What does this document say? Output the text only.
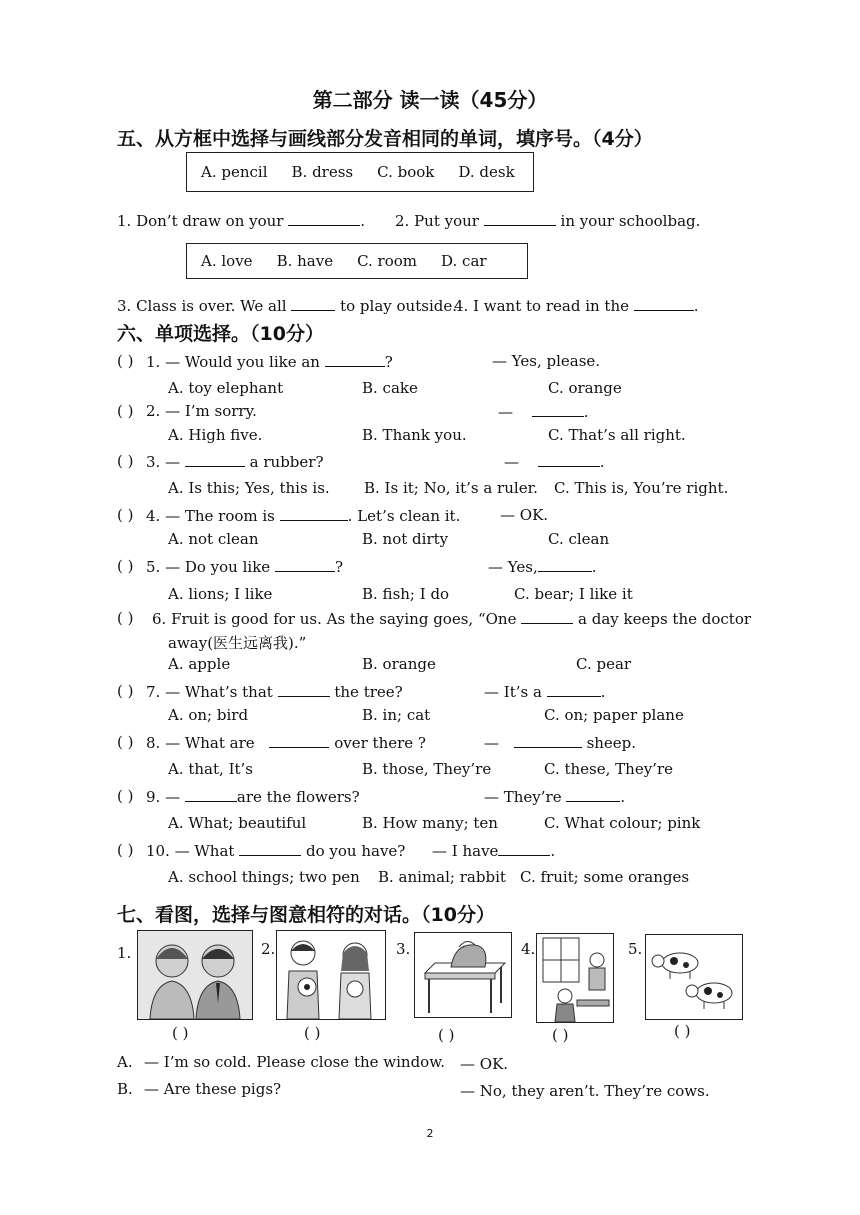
第二部分 读一读（45分）
五、从方框中选择与画线部分发音相同的单词，填序号。（4分）
A. pencil B. dress C. book D. desk
1. Don’t draw on your	. 2. Put your	in your schoolbag.
A. love B. have C. room D. car
3. Class is over. We all	to play outside.
4. I want to read in the	.
六、单项选择。（10分）
( ) 1. — Would you like an	?	— Yes, please.
A. toy elephant	B. cake	C. orange
( ) 2. — I’m sorry.	—	.
A. High five.	B. Thank you.	C. That’s all right.
( ) 3. —	a rubber?	—	.
A. Is this; Yes, this is. B. Is it; No, it’s a ruler. C. This is, You’re right.
( ) 4. — The room is	. Let’s clean it.	— OK.
A. not clean	B. not dirty	C. clean
( ) 5. — Do you like	?	— Yes,	.
A. lions; I like	B. fish; I do	C. bear; I like it
( ) 6. Fruit is good for us. As the saying goes, “One	a day keeps the doctor
away(医生远离我).”
A. apple	B. orange	C. pear
( ) 7. — What’s that	the tree?	— It’s a	.
A. on; bird	B. in; cat	C. on; paper plane
( ) 8. — What are	over there ?	—	sheep.
A. that, It’s	B. those, They’re	C. these, They’re
( ) 9. —	are the flowers?	— They’re	.
A. What; beautiful	B. How many; ten	C. What colour; pink
( ) 10. — What	do you have? — I have	.
A. school things; two pen B. animal; rabbit C. fruit; some oranges
七、看图，选择与图意相符的对话。（10分）
1.	2.	3.	4.	5.
( )	( )	( )	( )	( )
A. — I’m so cold. Please close the window. — OK.
B. — Are these pigs?	— No, they aren’t. They’re cows.
2
